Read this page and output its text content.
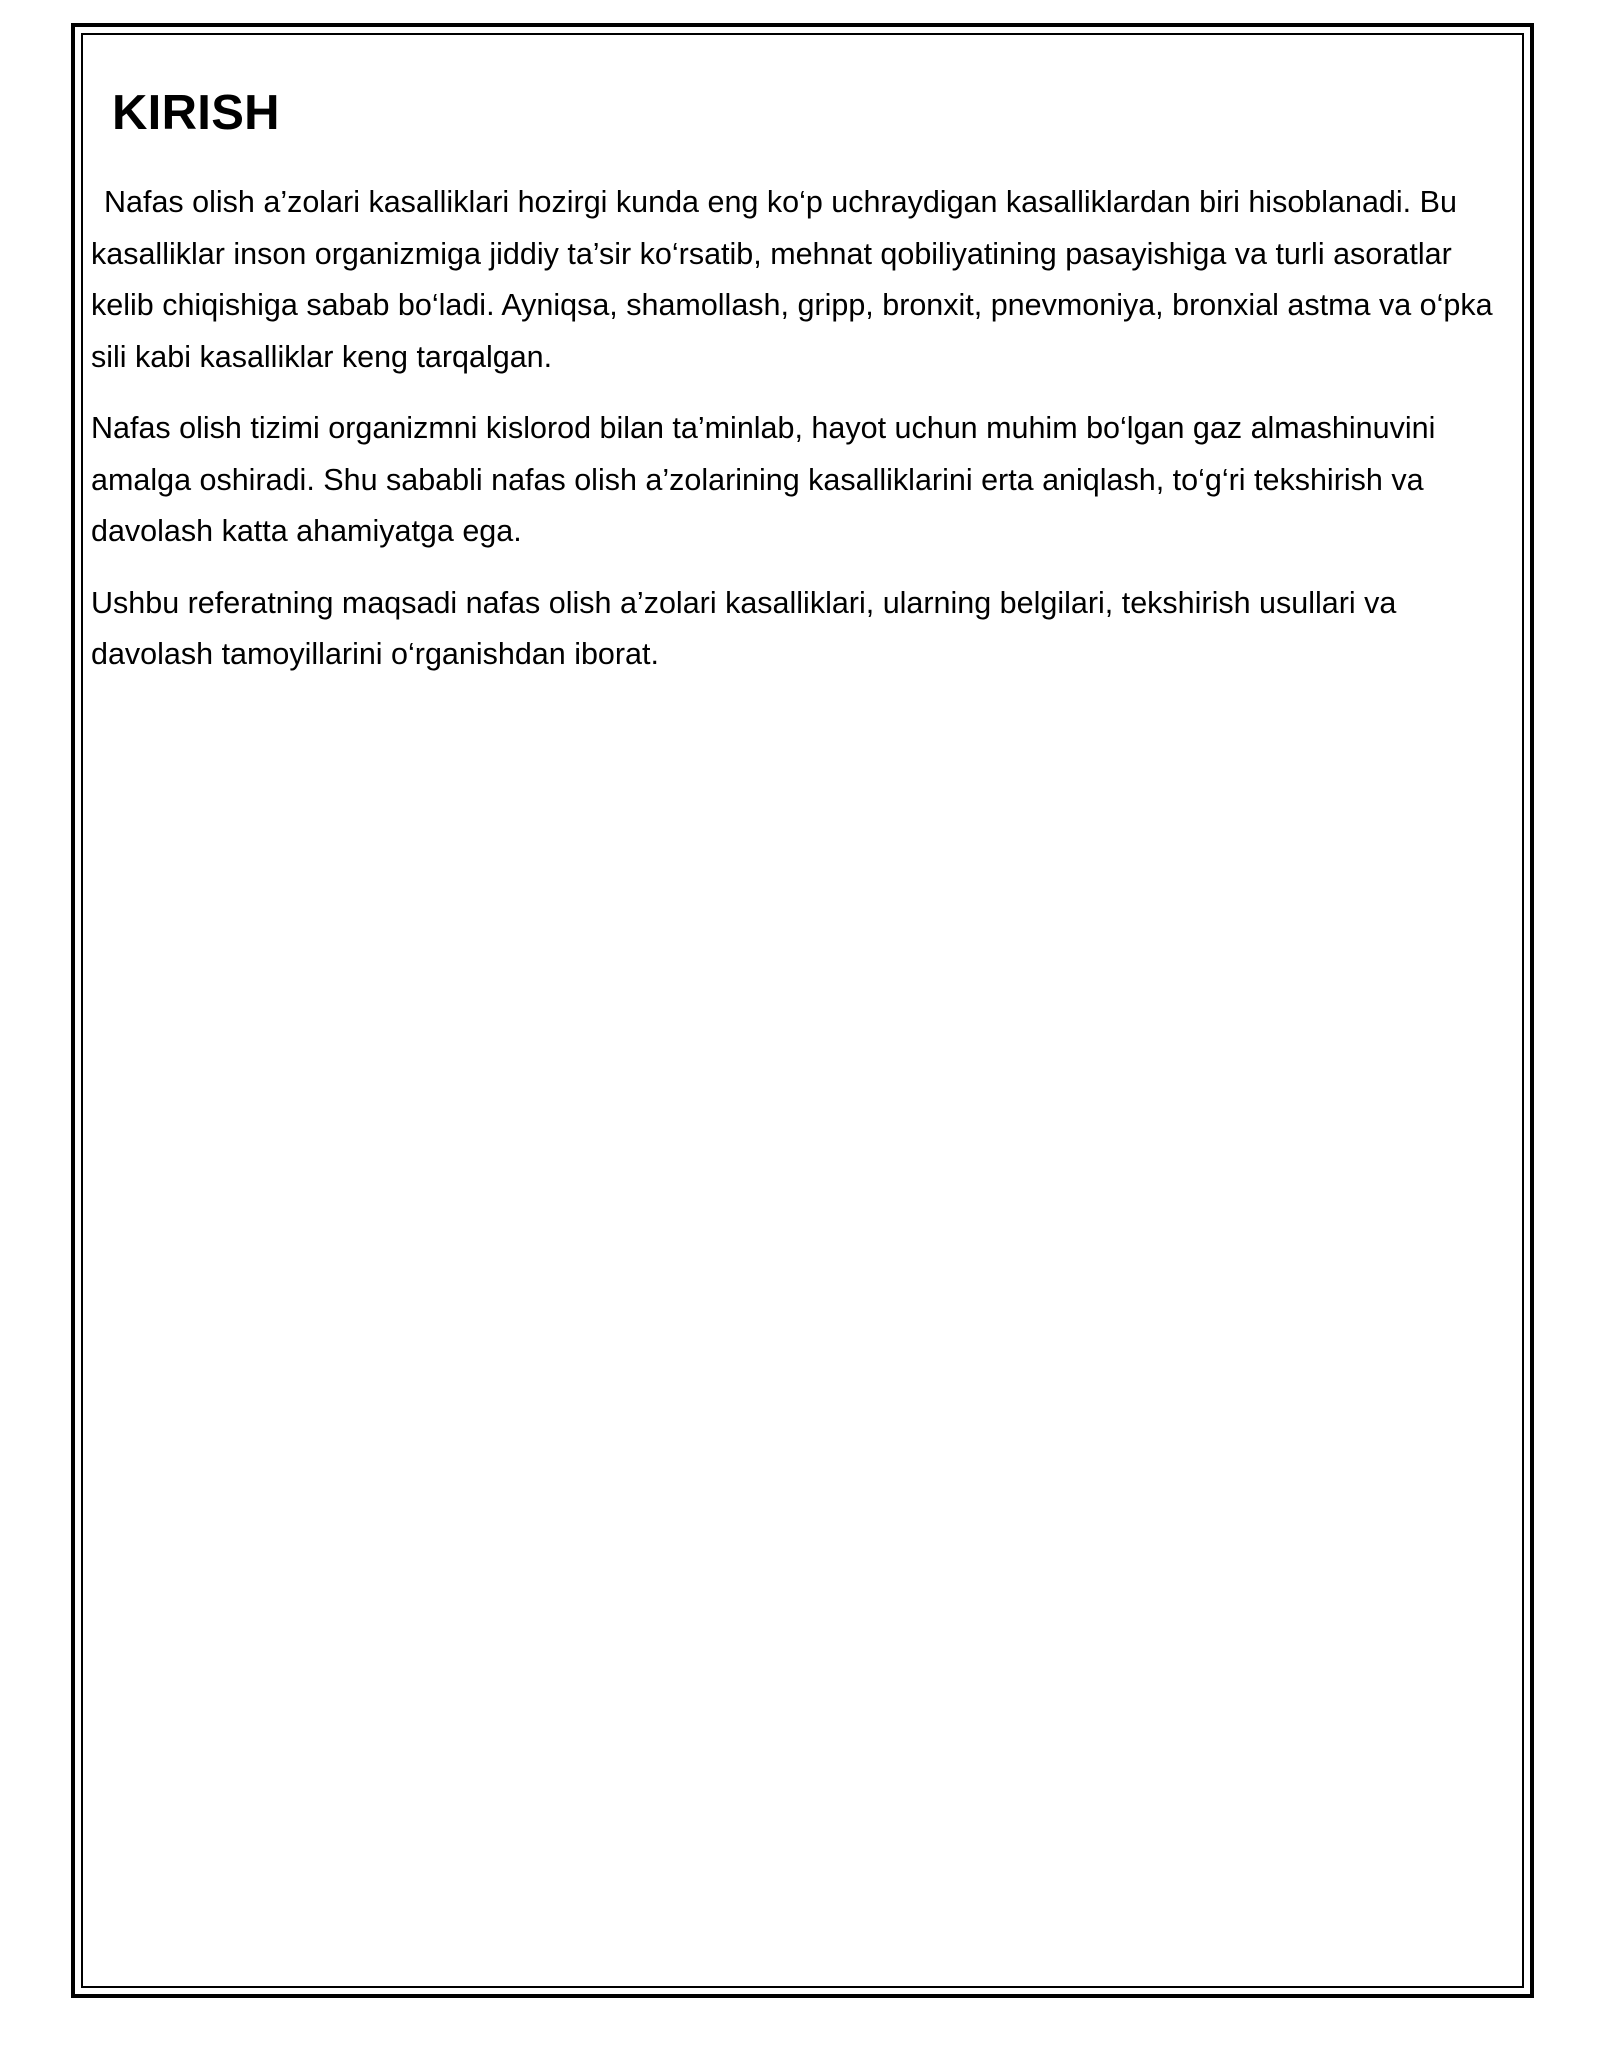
KIRISH

Nafas olish a’zolari kasalliklari hozirgi kunda eng ko‘p uchraydigan kasalliklardan biri hisoblanadi. Bu kasalliklar inson organizmiga jiddiy ta’sir ko‘rsatib, mehnat qobiliyatining pasayishiga va turli asoratlar kelib chiqishiga sabab bo‘ladi. Ayniqsa, shamollash, gripp, bronxit, pnevmoniya, bronxial astma va o‘pka sili kabi kasalliklar keng tarqalgan.

Nafas olish tizimi organizmni kislorod bilan ta’minlab, hayot uchun muhim bo‘lgan gaz almashinuvini amalga oshiradi. Shu sababli nafas olish a’zolarining kasalliklarini erta aniqlash, to‘g‘ri tekshirish va davolash katta ahamiyatga ega.

Ushbu referatning maqsadi nafas olish a’zolari kasalliklari, ularning belgilari, tekshirish usullari va davolash tamoyillarini o‘rganishdan iborat.
